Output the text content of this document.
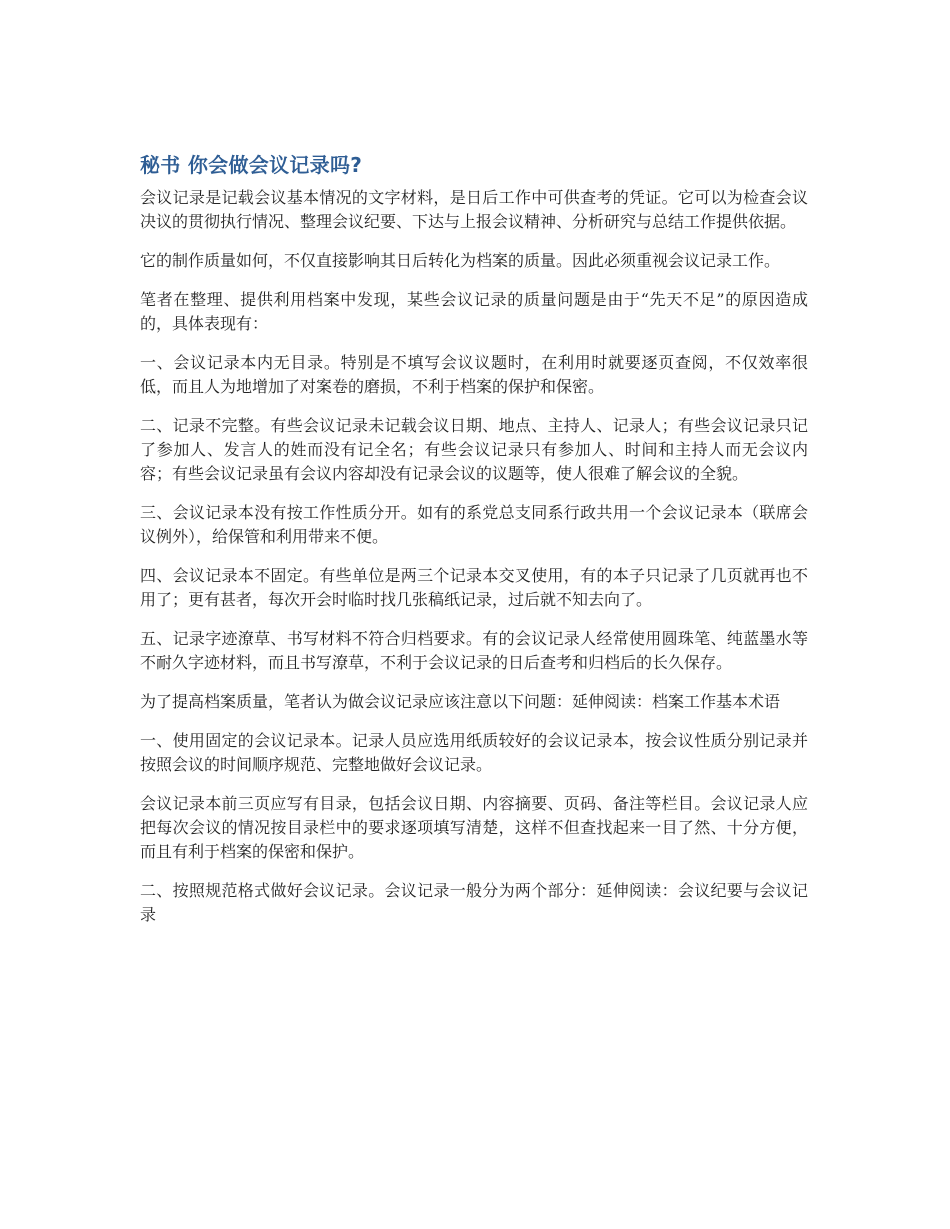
秘书 你会做会议记录吗?

会议记录是记载会议基本情况的文字材料，是日后工作中可供查考的凭证。它可以为检查会议决议的贯彻执行情况、整理会议纪要、下达与上报会议精神、分析研究与总结工作提供依据。

它的制作质量如何，不仅直接影响其日后转化为档案的质量。因此必须重视会议记录工作。

笔者在整理、提供利用档案中发现，某些会议记录的质量问题是由于“先天不足”的原因造成的，具体表现有：

一、会议记录本内无目录。特别是不填写会议议题时，在利用时就要逐页查阅，不仅效率很低，而且人为地增加了对案卷的磨损，不利于档案的保护和保密。

二、记录不完整。有些会议记录未记载会议日期、地点、主持人、记录人；有些会议记录只记了参加人、发言人的姓而没有记全名；有些会议记录只有参加人、时间和主持人而无会议内容；有些会议记录虽有会议内容却没有记录会议的议题等，使人很难了解会议的全貌。

三、会议记录本没有按工作性质分开。如有的系党总支同系行政共用一个会议记录本（联席会议例外），给保管和利用带来不便。

四、会议记录本不固定。有些单位是两三个记录本交叉使用，有的本子只记录了几页就再也不用了；更有甚者，每次开会时临时找几张稿纸记录，过后就不知去向了。

五、记录字迹潦草、书写材料不符合归档要求。有的会议记录人经常使用圆珠笔、纯蓝墨水等不耐久字迹材料，而且书写潦草，不利于会议记录的日后查考和归档后的长久保存。

为了提高档案质量，笔者认为做会议记录应该注意以下问题：延伸阅读：档案工作基本术语

一、使用固定的会议记录本。记录人员应选用纸质较好的会议记录本，按会议性质分别记录并按照会议的时间顺序规范、完整地做好会议记录。

会议记录本前三页应写有目录，包括会议日期、内容摘要、页码、备注等栏目。会议记录人应把每次会议的情况按目录栏中的要求逐项填写清楚，这样不但查找起来一目了然、十分方便，而且有利于档案的保密和保护。

二、按照规范格式做好会议记录。会议记录一般分为两个部分：延伸阅读：会议纪要与会议记录
